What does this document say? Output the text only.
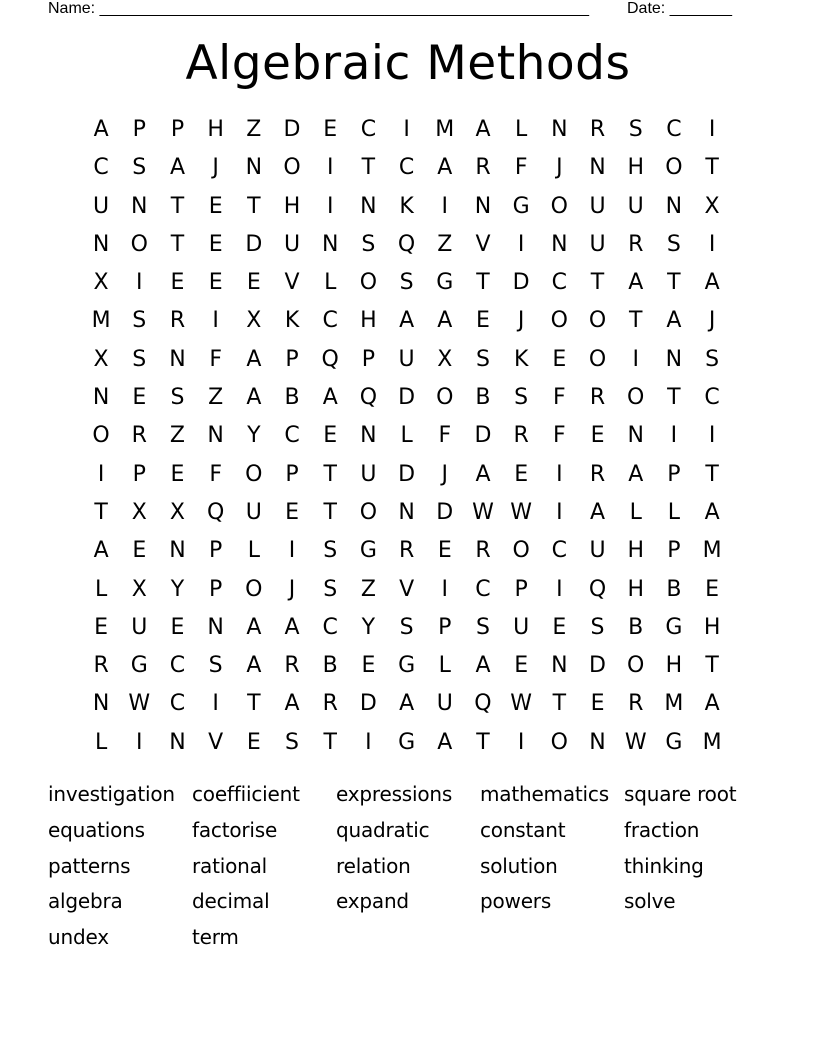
Name: _______________________________________________________ Date: _______
Algebraic Methods
A	P	P	H	Z	D	E	C	I	M A	L	N	R	S	C	I
C	S	A	J	N O	I	T	C	A	R	F	J	N H O	T
U N	T	E	T	H	I	N	K	I	N G O U	U N	X
N O	T	E	D U N	S	Q Z	V	I	N U	R	S	I
X	I	E	E	E	V	L	O	S	G	T	D	C	T	A	T	A
M S	R	I	X	K	C	H	A	A	E	J	O O	T	A	J
X	S	N	F	A	P	Q	P	U	X	S	K	E	O	I	N	S
N	E	S	Z	A	B	A Q D O B	S	F	R O	T	C
O R	Z	N	Y	C	E	N	L	F	D	R	F	E	N	I	I
I	P	E	F	O	P	T	U D	J	A	E	I	R	A	P	T
T	X	X Q U	E	T	O N D W W	I	A	L	L	A
A	E	N	P	L	I	S	G	R	E	R O C	U H	P	M
L	X	Y	P	O	J	S	Z	V	I	C	P	I	Q H	B	E
E	U	E	N	A	A	C	Y	S	P	S	U	E	S	B	G H
R	G C	S	A	R	B	E	G	L	A	E	N D O H	T
N W C	I	T	A	R	D	A	U Q W T	E	R M A
L	I	N	V	E	S	T	I	G	A	T	I	O N W G M
investigation coeffiicient	expressions	mathematics square root
equations	factorise	quadratic	constant	fraction
patterns	rational	relation	solution	thinking
algebra	decimal	expand	powers	solve
undex	term
